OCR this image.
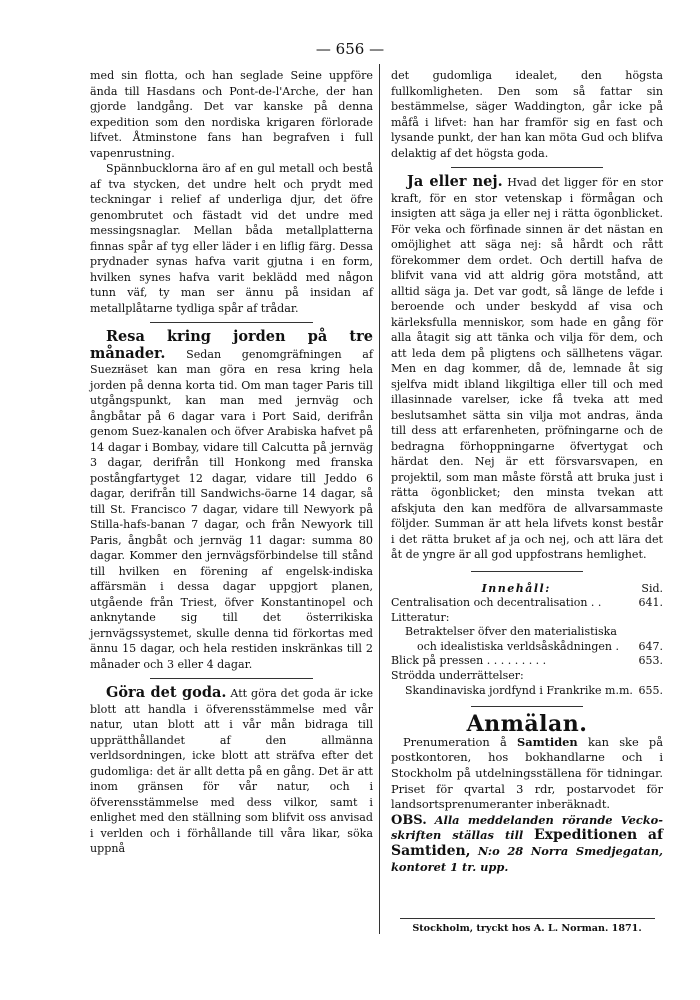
— 656 —

med sin flotta, och han seglade Seine uppföre ända till Hasdans och Pont-de-l'Arche, der han gjorde landgång. Det var kanske på denna expedition som den nordiska krigaren förlorade lifvet. Åtminstone fans han begrafven i full vapenrustning.

Spännbucklorna äro af en gul metall och bestå af tva stycken, det undre helt och prydt med teckningar i relief af underliga djur, det öfre genombrutet och fästadt vid det undre med messingsnaglar. Mellan båda metallplatterna finnas spår af tyg eller läder i en liflig färg. Dessa prydnader synas hafva varit gjutna i en form, hvilken synes hafva varit beklädd med någon tunn väf, ty man ser ännu på insidan af metallplåtarne tydliga spår af trådar.

Resa kring jorden på tre månader. Sedan genomgräfningen af Suezнäset kan man göra en resa kring hela jorden på denna korta tid. Om man tager Paris till utgångspunkt, kan man med jernväg och ångbåtar på 6 dagar vara i Port Said, derifrån genom Suez-kanalen och öfver Arabiska hafvet på 14 dagar i Bombay, vidare till Calcutta på jernväg 3 dagar, derifrån till Honkong med franska postångfartyget 12 dagar, vidare till Jeddo 6 dagar, derifrån till Sandwichs-öarne 14 dagar, så till St. Francisco 7 dagar, vidare till Newyork på Stilla-hafs-banan 7 dagar, och från Newyork till Paris, ångbåt och jernväg 11 dagar: summa 80 dagar. Kommer den jernvägsförbindelse till stånd till hvilken en förening af engelsk-indiska affärsmän i dessa dagar uppgjort planen, utgående från Triest, öfver Konstantinopel och anknytande sig till det österrikiska jernvägssystemet, skulle denna tid förkortas med ännu 15 dagar, och hela restiden inskränkas till 2 månader och 3 eller 4 dagar.

Göra det goda. Att göra det goda är icke blott att handla i öfverensstämmelse med vår natur, utan blott att i vår mån bidraga till upprätthållandet af den allmänna verldsordningen, icke blott att sträfva efter det gudomliga: det är allt detta på en gång. Det är att inom gränsen för vår natur, och i öfverensstämmelse med dess vilkor, samt i enlighet med den ställning som blifvit oss anvisad i verlden och i förhållande till våra likar, söka uppnå

det gudomliga idealet, den högsta fullkomligheten. Den som så fattar sin bestämmelse, säger Waddington, går icke på måfå i lifvet: han har framför sig en fast och lysande punkt, der han kan möta Gud och blifva delaktig af det högsta goda.

Ja eller nej. Hvad det ligger för en stor kraft, för en stor vetenskap i förmågan och insigten att säga ja eller nej i rätta ögonblicket. För veka och förfinade sinnen är det nästan en omöjlighet att säga nej: så hårdt och rått förekommer dem ordet. Och dertill hafva de blifvit vana vid att aldrig göra motstånd, att alltid säga ja. Det var godt, så länge de lefde i beroende och under beskydd af visa och kärleksfulla menniskor, som hade en gång för alla åtagit sig att tänka och vilja för dem, och att leda dem på pligtens och sällhetens vägar. Men en dag kommer, då de, lemnade åt sig sjelfva midt ibland likgiltiga eller till och med illasinnade varelser, icke få tveka att med beslutsamhet sätta sin vilja mot andras, ända till dess att erfarenheten, pröfningarne och de bedragna förhoppningarne öfvertygat och härdat den. Nej är ett försvarsvapen, en projektil, som man måste förstå att bruka just i rätta ögonblicket; den minsta tvekan att afskjuta den kan medföra de allvarsammaste följder. Summan är att hela lifvets konst består i det rätta bruket af ja och nej, och att lära det åt de yngre är all god uppfostrans hemlighet.

Innehåll:	Sid.
Centralisation och decentralisation . .	641.
Litteratur:
Betraktelser öfver den materialistiska
och idealistiska verldsåskådningen .	647.
Blick på pressen . . . . . . . . .	653.
Strödda underrättelser:
Skandinaviska jordfynd i Frankrike m.m. 655.
Anmälan.

Prenumeration å Samtiden kan ske på postkontoren, hos bokhandlarne och i Stockholm på utdelningsställena för tidningar. Priset för qvartal 3 rdr, postarvodet för landsortsprenumeranter inberäknadt.

OBS. Alla meddelanden rörande Vecko-skriften ställas till Expeditionen af Samtiden, N:o 28 Norra Smedjegatan, kontoret 1 tr. upp.

Stockholm, tryckt hos A. L. Norman. 1871.
